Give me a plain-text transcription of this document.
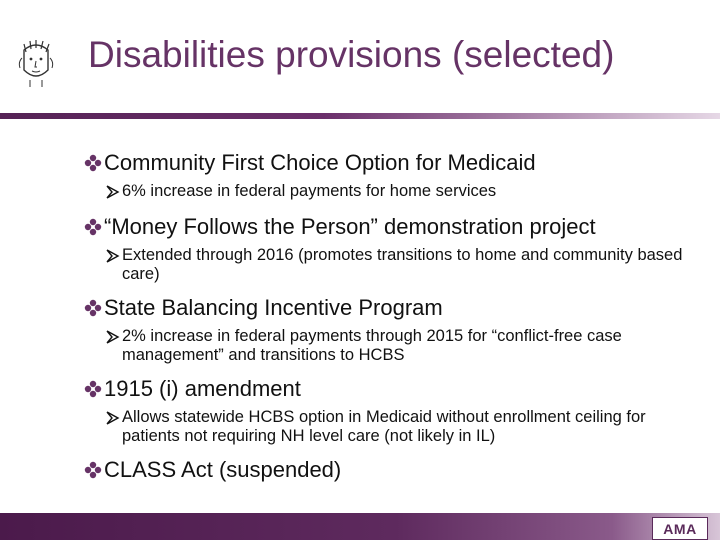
Disabilities provisions (selected)
Community First Choice Option for Medicaid
6% increase in federal payments for home services
“Money Follows the Person” demonstration project
Extended through 2016 (promotes transitions to home and community based care)
State Balancing Incentive Program
2% increase in federal payments through 2015 for “conflict-free case management” and transitions to HCBS
1915 (i) amendment
Allows statewide HCBS option in Medicaid without enrollment ceiling for patients not requiring NH level care (not likely in IL)
CLASS Act (suspended)
AMA
